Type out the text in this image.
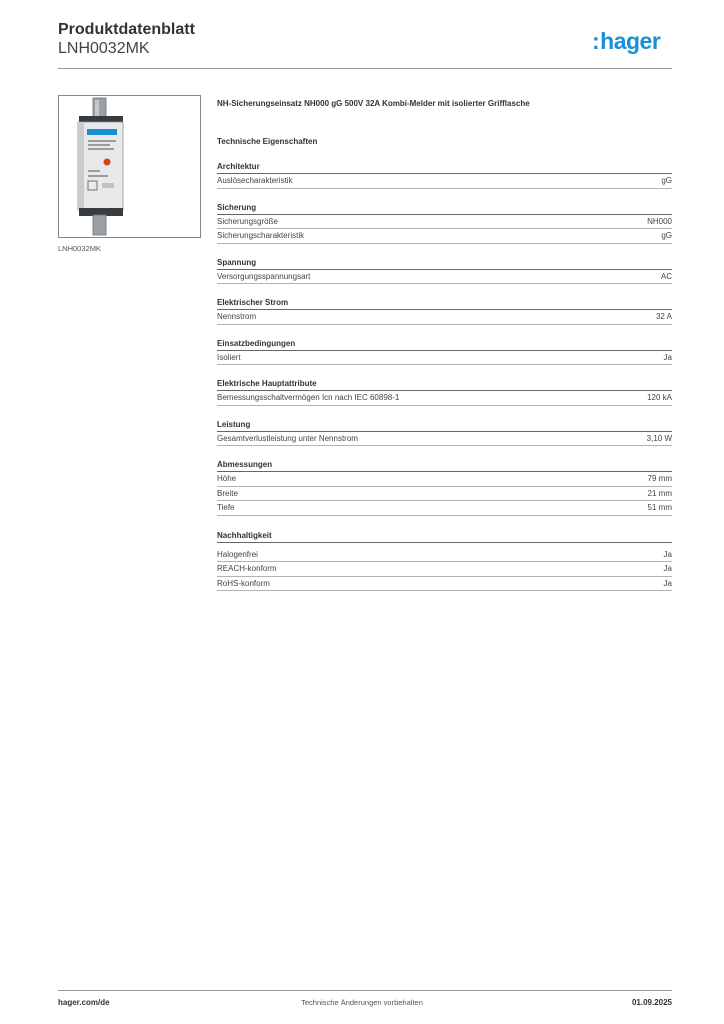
Produktdatenblatt
LNH0032MK	:hager
LNH0032MK
NH-Sicherungseinsatz NH000 gG 500V 32A Kombi-Melder mit isolierter Grifflasche
Technische Eigenschaften
Architektur
Auslösecharakteristik	gG
Sicherung
Sicherungsgröße	NH000
Sicherungscharakteristik	gG
Spannung
Versorgungsspannungsart	AC
Elektrischer Strom
Nennstrom	32 A
Einsatzbedingungen
Isoliert	Ja
Elektrische Hauptattribute
Bemessungsschaltvermögen Icn nach IEC 60898-1	120 kA
Leistung
Gesamtverlustleistung unter Nennstrom	3,10 W
Abmessungen
Höhe	79 mm
Breite	21 mm
Tiefe	51 mm
Nachhaltigkeit
Halogenfrei	Ja
REACH-konform	Ja
RoHS-konform	Ja
hager.com/de	Technische Änderungen vorbehalten	01.09.2025
